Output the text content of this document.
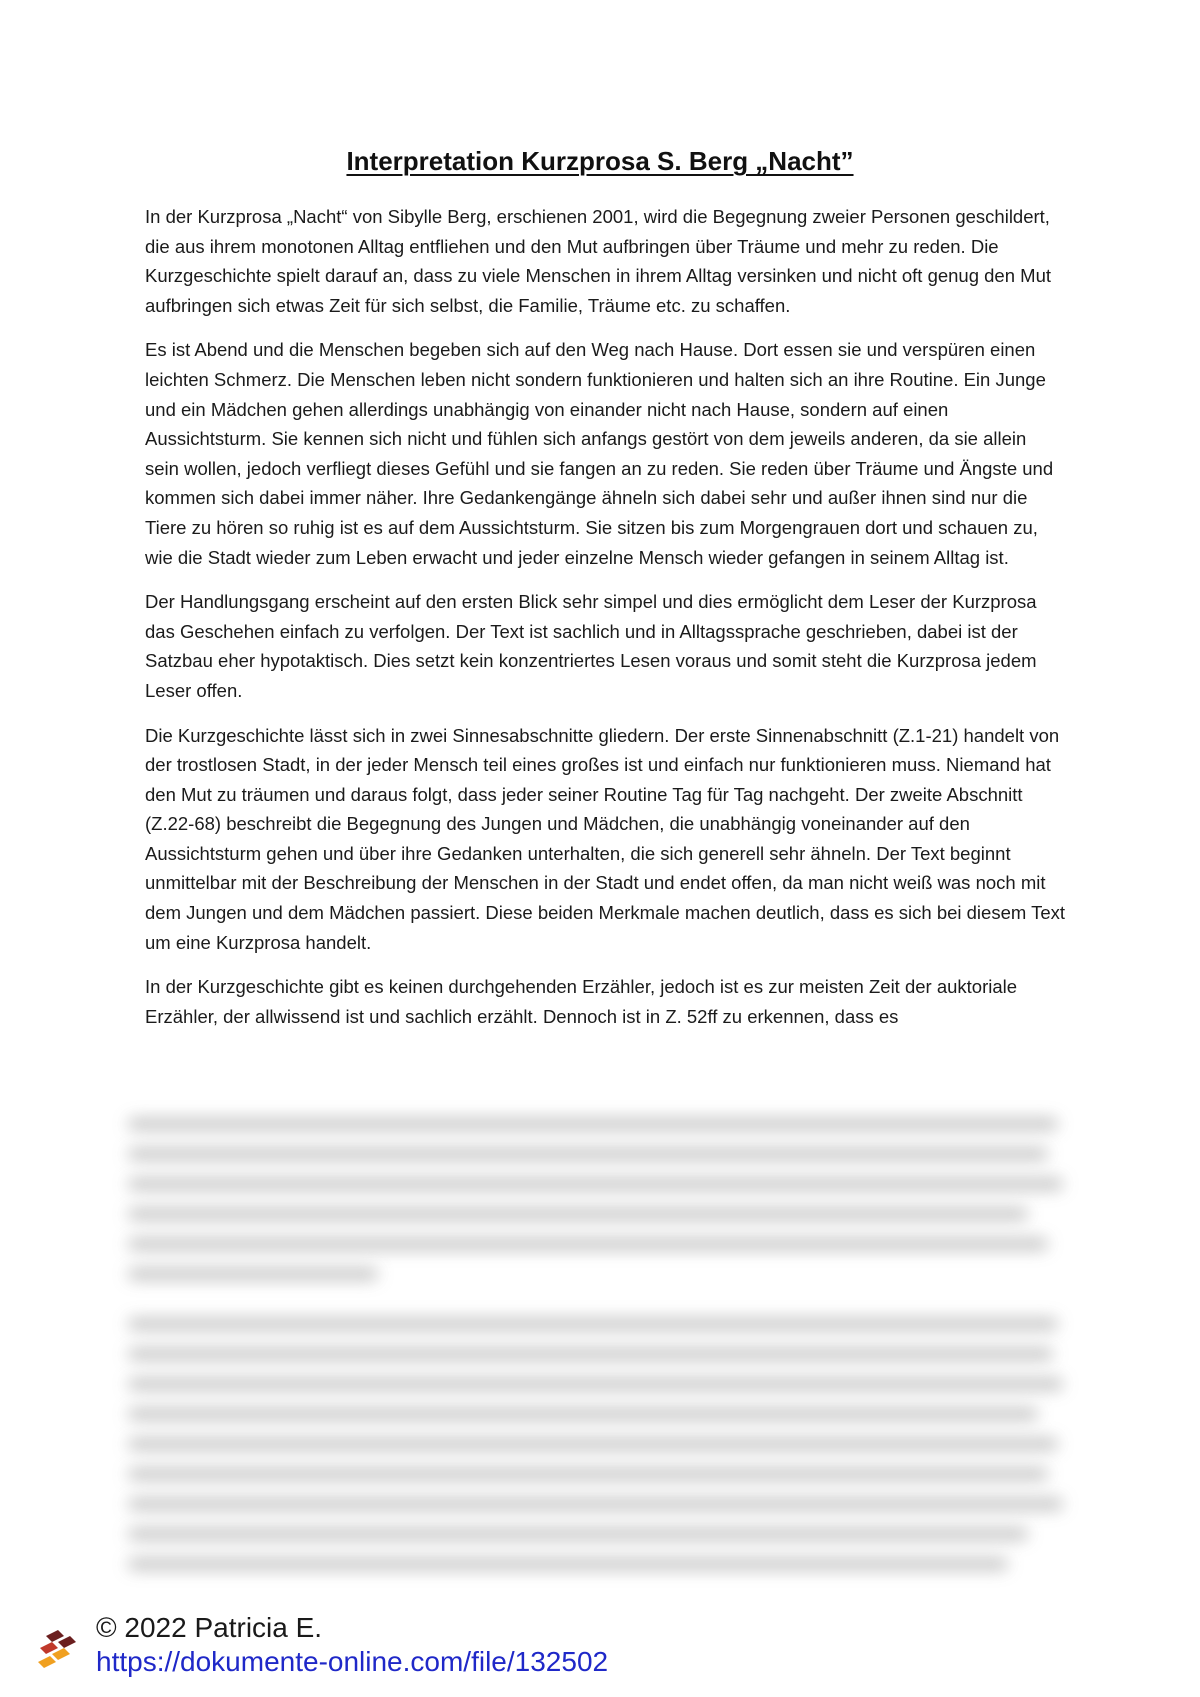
Interpretation Kurzprosa S. Berg „Nacht”

In der Kurzprosa „Nacht“ von Sibylle Berg, erschienen 2001, wird die Begegnung zweier Personen geschildert, die aus ihrem monotonen Alltag entfliehen und den Mut aufbringen über Träume und mehr zu reden. Die Kurzgeschichte spielt darauf an, dass zu viele Menschen in ihrem Alltag versinken und nicht oft genug den Mut aufbringen sich etwas Zeit für sich selbst, die Familie, Träume etc. zu schaffen.

Es ist Abend und die Menschen begeben sich auf den Weg nach Hause. Dort essen sie und verspüren einen leichten Schmerz. Die Menschen leben nicht sondern funktionieren und halten sich an ihre Routine. Ein Junge und ein Mädchen gehen allerdings unabhängig von einander nicht nach Hause, sondern auf einen Aussichtsturm. Sie kennen sich nicht und fühlen sich anfangs gestört von dem jeweils anderen, da sie allein sein wollen, jedoch verfliegt dieses Gefühl und sie fangen an zu reden. Sie reden über Träume und Ängste und kommen sich dabei immer näher. Ihre Gedankengänge ähneln sich dabei sehr und außer ihnen sind nur die Tiere zu hören so ruhig ist es auf dem Aussichtsturm. Sie sitzen bis zum Morgengrauen dort und schauen zu, wie die Stadt wieder zum Leben erwacht und jeder einzelne Mensch wieder gefangen in seinem Alltag ist.

Der Handlungsgang erscheint auf den ersten Blick sehr simpel und dies ermöglicht dem Leser der Kurzprosa das Geschehen einfach zu verfolgen. Der Text ist sachlich und in Alltagssprache geschrieben, dabei ist der Satzbau eher hypotaktisch. Dies setzt kein konzentriertes Lesen voraus und somit steht die Kurzprosa jedem Leser offen.

Die Kurzgeschichte lässt sich in zwei Sinnesabschnitte gliedern. Der erste Sinnenabschnitt (Z.1-21) handelt von der trostlosen Stadt, in der jeder Mensch teil eines großes ist und einfach nur funktionieren muss. Niemand hat den Mut zu träumen und daraus folgt, dass jeder seiner Routine Tag für Tag nachgeht. Der zweite Abschnitt (Z.22-68) beschreibt die Begegnung des Jungen und Mädchen, die unabhängig voneinander auf den Aussichtsturm gehen und über ihre Gedanken unterhalten, die sich generell sehr ähneln. Der Text beginnt unmittelbar mit der Beschreibung der Menschen in der Stadt und endet offen, da man nicht weiß was noch mit dem Jungen und dem Mädchen passiert. Diese beiden Merkmale machen deutlich, dass es sich bei diesem Text um eine Kurzprosa handelt.

In der Kurzgeschichte gibt es keinen durchgehenden Erzähler, jedoch ist es zur meisten Zeit der auktoriale Erzähler, der allwissend ist und sachlich erzählt. Dennoch ist in Z. 52ff zu erkennen, dass es

© 2022 Patricia E.
https://dokumente-online.com/file/132502
